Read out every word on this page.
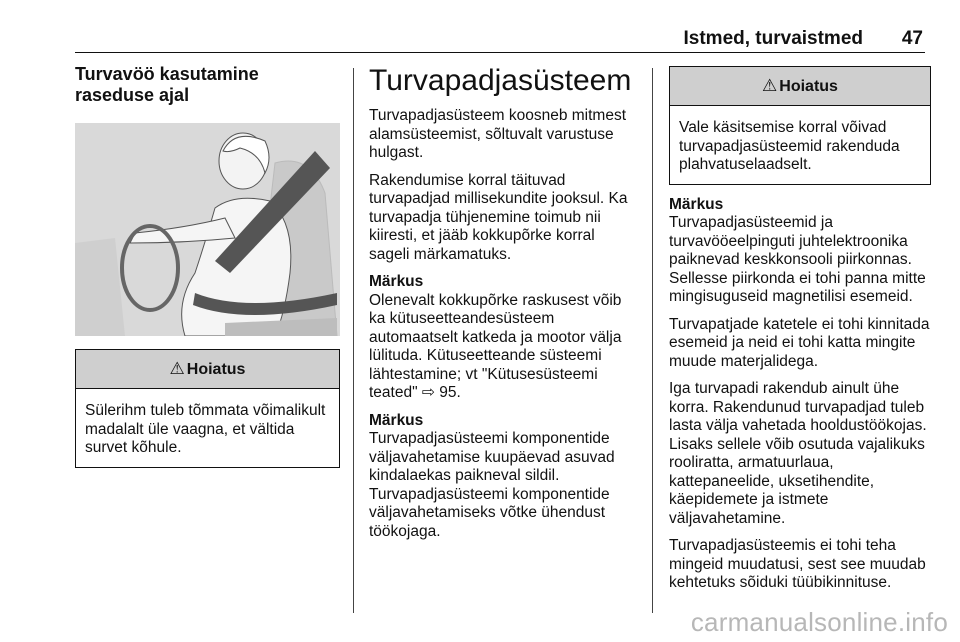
Istmed, turvaistmed 47
Turvavöö kasutamine raseduse ajal
⚠ Hoiatus
Sülerihm tuleb tõmmata võimalikult madalalt üle vaagna, et vältida survet kõhule.
Turvapadjasüsteem

Turvapadjasüsteem koosneb mitmest alamsüsteemist, sõltuvalt varustuse hulgast.

Rakendumise korral täituvad turvapadjad millisekundite jooksul. Ka turvapadja tühjenemine toimub nii kiiresti, et jääb kokkupõrke korral sageli märkamatuks.

Märkus
Olenevalt kokkupõrke raskusest võib ka kütuseetteandesüsteem automaatselt katkeda ja mootor välja lülituda. Kütuseetteande süsteemi lähtestamine; vt "Kütusesüsteemi teated" ⇨ 95.
Märkus
Turvapadjasüsteemi komponentide väljavahetamise kuupäevad asuvad kindalaekas paikneval sildil. Turvapadjasüsteemi komponentide väljavahetamiseks võtke ühendust töökojaga.
⚠ Hoiatus
Vale käsitsemise korral võivad turvapadjasüsteemid rakenduda plahvatuselaadselt.
Märkus
Turvapadjasüsteemid ja turvavööeelpinguti juhtelektroonika paiknevad keskkonsooli piirkonnas. Sellesse piirkonda ei tohi panna mitte mingisuguseid magnetilisi esemeid.

Turvapatjade katetele ei tohi kinnitada esemeid ja neid ei tohi katta mingite muude materjalidega.

Iga turvapadi rakendub ainult ühe korra. Rakendunud turvapadjad tuleb lasta välja vahetada hooldustöökojas. Lisaks sellele võib osutuda vajalikuks rooliratta, armatuurlaua, kattepaneelide, uksetihendite, käepidemete ja istmete väljavahetamine.

Turvapadjasüsteemis ei tohi teha mingeid muudatusi, sest see muudab kehtetuks sõiduki tüübikinnituse.

carmanualsonline.info
